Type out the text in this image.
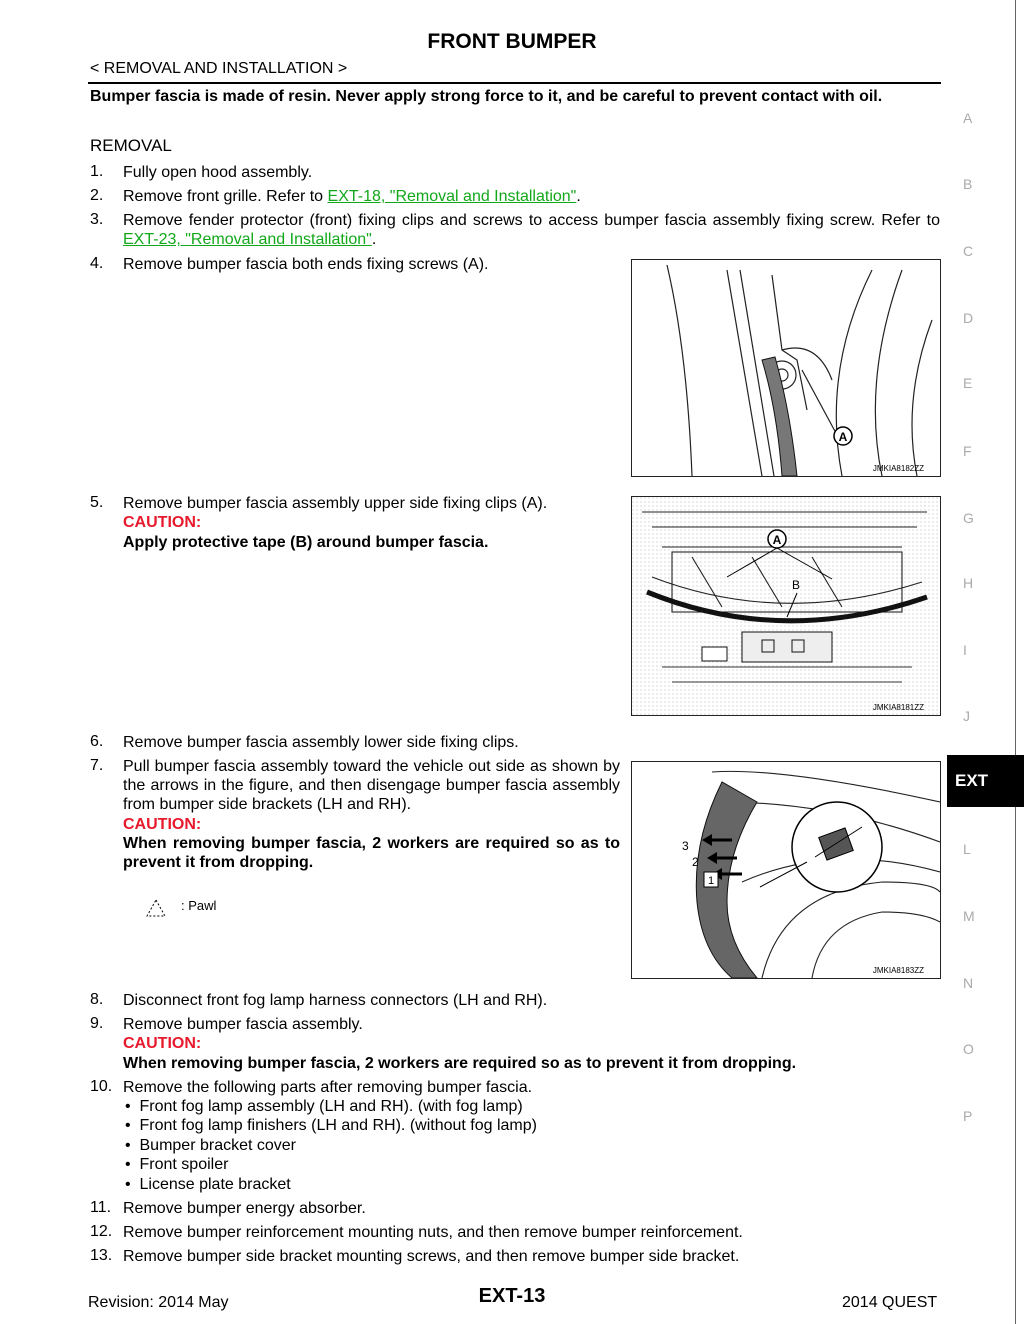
FRONT BUMPER
< REMOVAL AND INSTALLATION >
Bumper fascia is made of resin. Never apply strong force to it, and be careful to prevent contact with oil.
REMOVAL
1. Fully open hood assembly.
2. Remove front grille. Refer to EXT-18, "Removal and Installation".
3. Remove fender protector (front) fixing clips and screws to access bumper fascia assembly fixing screw. Refer to EXT-23, "Removal and Installation".
4. Remove bumper fascia both ends fixing screws (A).
A
JMKIA8182ZZ
5. Remove bumper fascia assembly upper side fixing clips (A).
CAUTION:
Apply protective tape (B) around bumper fascia.	A
B
JMKIA8181ZZ
6. Remove bumper fascia assembly lower side fixing clips.
7. Pull bumper fascia assembly toward the vehicle out side as shown by the arrows in the figure, and then disengage bumper fascia assembly from bumper side brackets (LH and RH).
CAUTION:
When removing bumper fascia, 2 workers are required so as to prevent it from dropping.
: Pawl
3
2
1
JMKIA8183ZZ
8. Disconnect front fog lamp harness connectors (LH and RH).
9. Remove bumper fascia assembly.
CAUTION:
When removing bumper fascia, 2 workers are required so as to prevent it from dropping.
10. Remove the following parts after removing bumper fascia.
•  Front fog lamp assembly (LH and RH). (with fog lamp)
•  Front fog lamp finishers (LH and RH). (without fog lamp)
•  Bumper bracket cover
•  Front spoiler
•  License plate bracket
11. Remove bumper energy absorber.
12. Remove bumper reinforcement mounting nuts, and then remove bumper reinforcement.
13. Remove bumper side bracket mounting screws, and then remove bumper side bracket.
A
B
C
D
E
F
G
H
I
J
EXT
L
M
N
O
P
Revision: 2014 May	EXT-13	2014 QUEST
